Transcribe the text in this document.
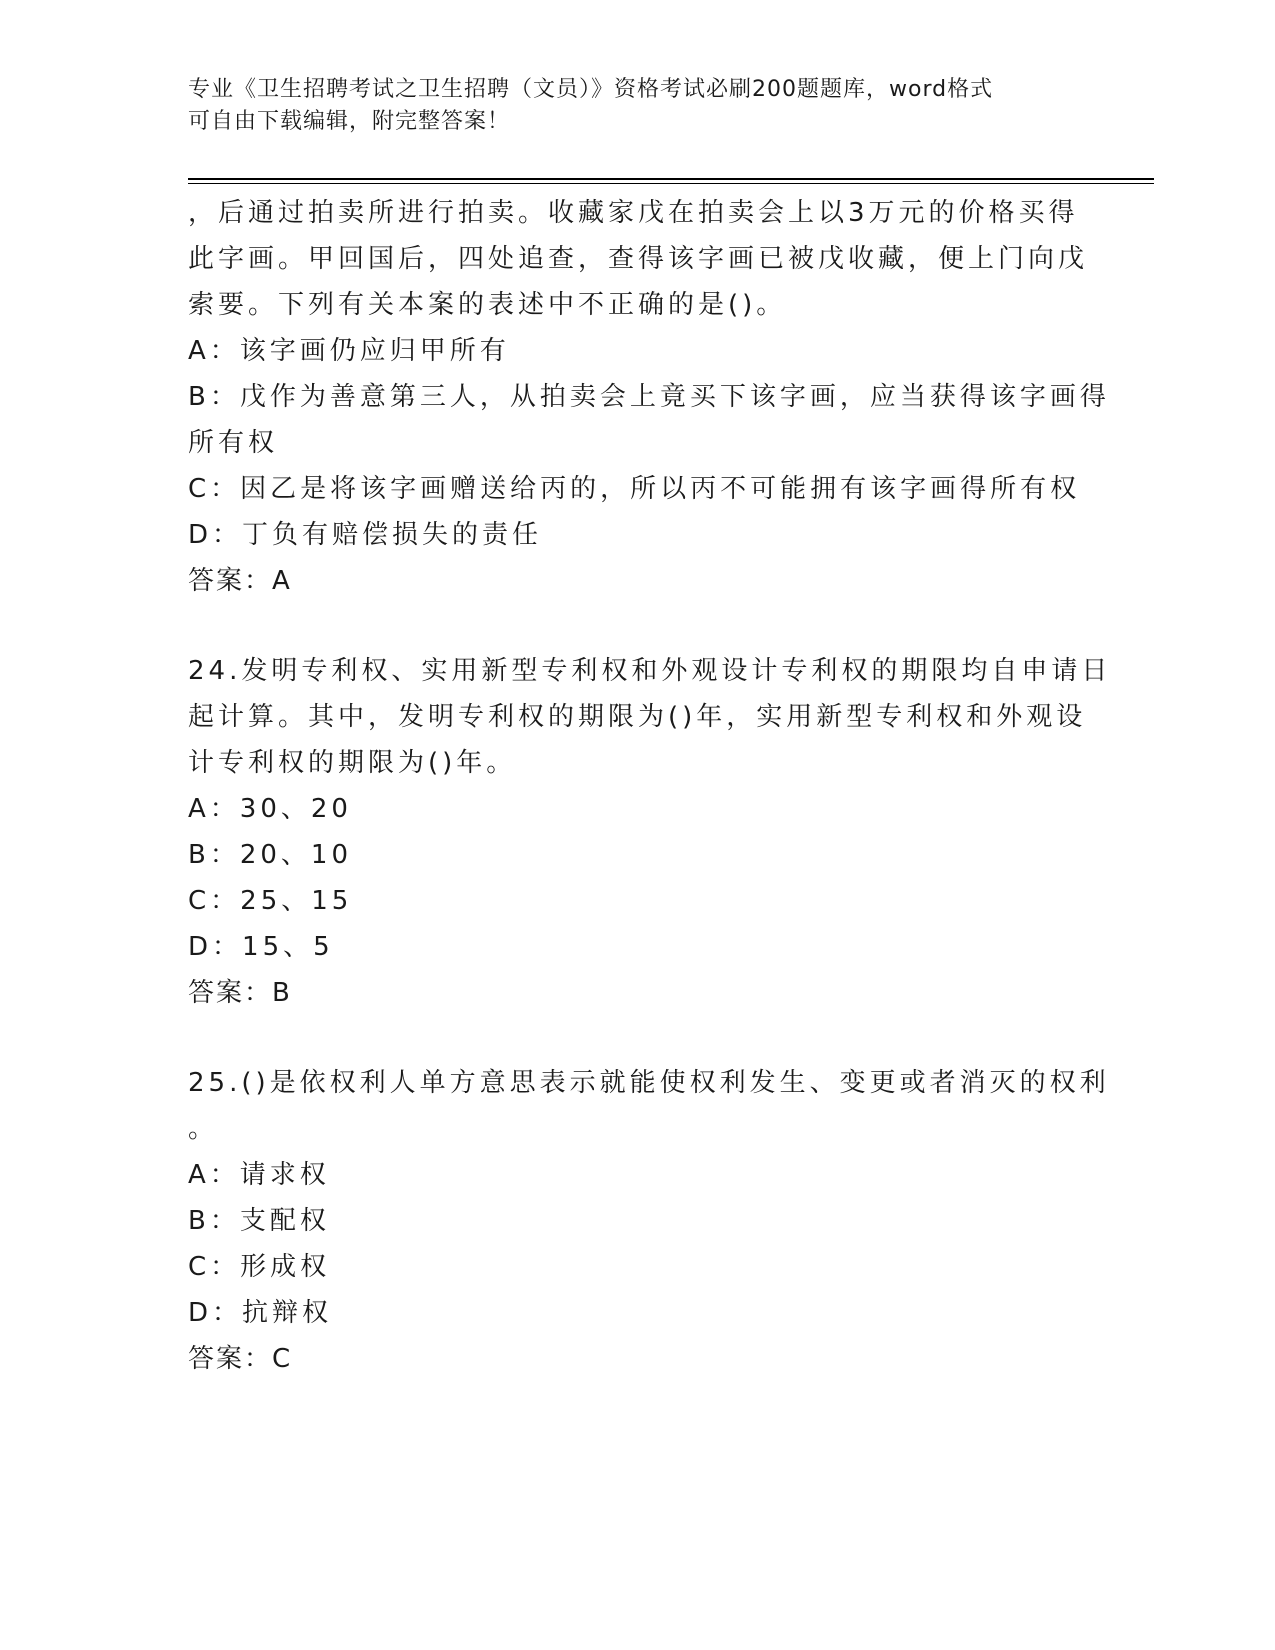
专业《卫生招聘考试之卫生招聘（文员）》资格考试必刷200题题库，word格式
可自由下载编辑，附完整答案！
，后通过拍卖所进行拍卖。收藏家戊在拍卖会上以3万元的价格买得
此字画。甲回国后，四处追查，查得该字画已被戊收藏，便上门向戊
索要。下列有关本案的表述中不正确的是()。
A：该字画仍应归甲所有
B：戊作为善意第三人，从拍卖会上竟买下该字画，应当获得该字画得
所有权
C：因乙是将该字画赠送给丙的，所以丙不可能拥有该字画得所有权
D：丁负有赔偿损失的责任
答案：A
24.发明专利权、实用新型专利权和外观设计专利权的期限均自申请日
起计算。其中，发明专利权的期限为()年，实用新型专利权和外观设
计专利权的期限为()年。
A：30、20
B：20、10
C：25、15
D：15、5
答案：B
25.()是依权利人单方意思表示就能使权利发生、变更或者消灭的权利
。
A：请求权
B：支配权
C：形成权
D：抗辩权
答案：C
